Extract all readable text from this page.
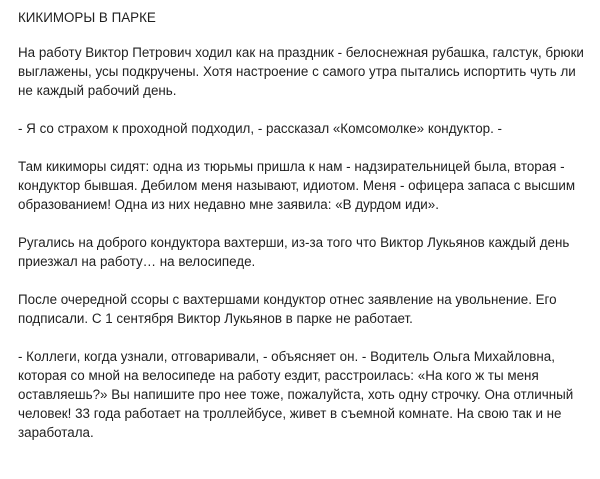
КИКИМОРЫ В ПАРКЕ

На работу Виктор Петрович ходил как на праздник - белоснежная рубашка, галстук, брюки выглажены, усы подкручены. Хотя настроение с самого утра пытались испортить чуть ли не каждый рабочий день.

- Я со страхом к проходной подходил, - рассказал «Комсомолке» кондуктор. -

Там кикиморы сидят: одна из тюрьмы пришла к нам - надзирательницей была, вторая - кондуктор бывшая. Дебилом меня называют, идиотом. Меня - офицера запаса с высшим образованием! Одна из них недавно мне заявила: «В дурдом иди».

Ругались на доброго кондуктора вахтерши, из-за того что Виктор Лукьянов каждый день приезжал на работу… на велосипеде.

После очередной ссоры с вахтершами кондуктор отнес заявление на увольнение. Его подписали. С 1 сентября Виктор Лукьянов в парке не работает.

- Коллеги, когда узнали, отговаривали, - объясняет он. - Водитель Ольга Михайловна, которая со мной на велосипеде на работу ездит, расстроилась: «На кого ж ты меня оставляешь?» Вы напишите про нее тоже, пожалуйста, хоть одну строчку. Она отличный человек! 33 года работает на троллейбусе, живет в съемной комнате. На свою так и не заработала.
